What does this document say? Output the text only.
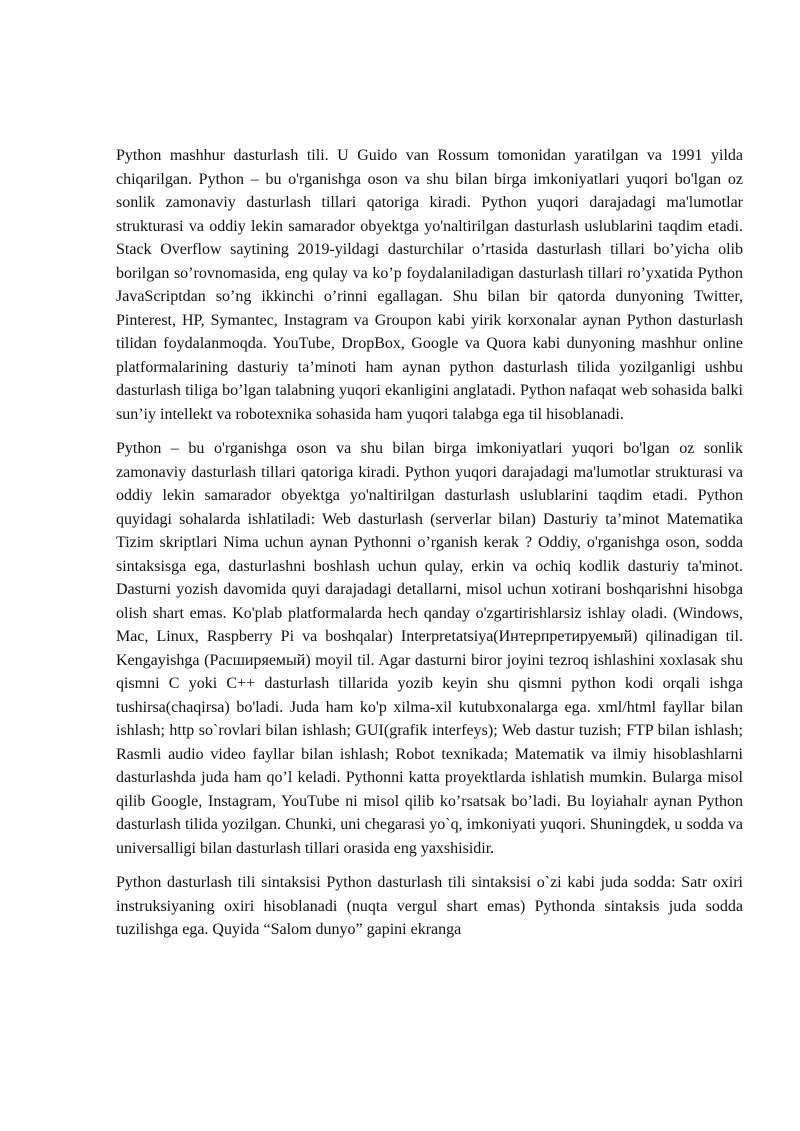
Python mashhur dasturlash tili. U Guido van Rossum tomonidan yaratilgan va 1991 yilda chiqarilgan. Python – bu o'rganishga oson va shu bilan birga imkoniyatlari yuqori bo'lgan oz sonlik zamonaviy dasturlash tillari qatoriga kiradi. Python yuqori darajadagi ma'lumotlar strukturasi va oddiy lekin samarador obyektga yo'naltirilgan dasturlash uslublarini taqdim etadi. Stack Overflow saytining 2019-yildagi dasturchilar o’rtasida dasturlash tillari bo’yicha olib borilgan so’rovnomasida, eng qulay va ko’p foydalaniladigan dasturlash tillari ro’yxatida Python JavaScriptdan so’ng ikkinchi o’rinni egallagan. Shu bilan bir qatorda dunyoning Twitter, Pinterest, HP, Symantec, Instagram va Groupon kabi yirik korxonalar aynan Python dasturlash tilidan foydalanmoqda. YouTube, DropBox, Google va Quora kabi dunyoning mashhur online platformalarining dasturiy ta’minoti ham aynan python dasturlash tilida yozilganligi ushbu dasturlash tiliga bo’lgan talabning yuqori ekanligini anglatadi. Python nafaqat web sohasida balki sun’iy intellekt va robotexnika sohasida ham yuqori talabga ega til hisoblanadi.

Python – bu o'rganishga oson va shu bilan birga imkoniyatlari yuqori bo'lgan oz sonlik zamonaviy dasturlash tillari qatoriga kiradi. Python yuqori darajadagi ma'lumotlar strukturasi va oddiy lekin samarador obyektga yo'naltirilgan dasturlash uslublarini taqdim etadi. Python quyidagi sohalarda ishlatiladi: Web dasturlash (serverlar bilan) Dasturiy ta’minot Matematika Tizim skriptlari Nima uchun aynan Pythonni o’rganish kerak ? Oddiy, o'rganishga oson, sodda sintaksisga ega, dasturlashni boshlash uchun qulay, erkin va ochiq kodlik dasturiy ta'minot. Dasturni yozish davomida quyi darajadagi detallarni, misol uchun xotirani boshqarishni hisobga olish shart emas. Ko'plab platformalarda hech qanday o'zgartirishlarsiz ishlay oladi. (Windows, Mac, Linux, Raspberry Pi va boshqalar) Interpretatsiya(Интерпретируемый) qilinadigan til. Kengayishga (Расширяемый) moyil til. Agar dasturni biror joyini tezroq ishlashini xoxlasak shu qismni C yoki C++ dasturlash tillarida yozib keyin shu qismni python kodi orqali ishga tushirsa(chaqirsa) bo'ladi. Juda ham ko'p xilma-xil kutubxonalarga ega. xml/html fayllar bilan ishlash; http so`rovlari bilan ishlash; GUI(grafik interfeys); Web dastur tuzish; FTP bilan ishlash; Rasmli audio video fayllar bilan ishlash; Robot texnikada; Matematik va ilmiy hisoblashlarni dasturlashda juda ham qo’l keladi. Pythonni katta proyektlarda ishlatish mumkin. Bularga misol qilib Google, Instagram, YouTube ni misol qilib ko’rsatsak bo’ladi. Bu loyiahalr aynan Python dasturlash tilida yozilgan. Chunki, uni chegarasi yo`q, imkoniyati yuqori. Shuningdek, u sodda va universalligi bilan dasturlash tillari orasida eng yaxshisidir.

Python dasturlash tili sintaksisi Python dasturlash tili sintaksisi o`zi kabi juda sodda: Satr oxiri instruksiyaning oxiri hisoblanadi (nuqta vergul shart emas) Pythonda sintaksis juda sodda tuzilishga ega. Quyida “Salom dunyo” gapini ekranga
